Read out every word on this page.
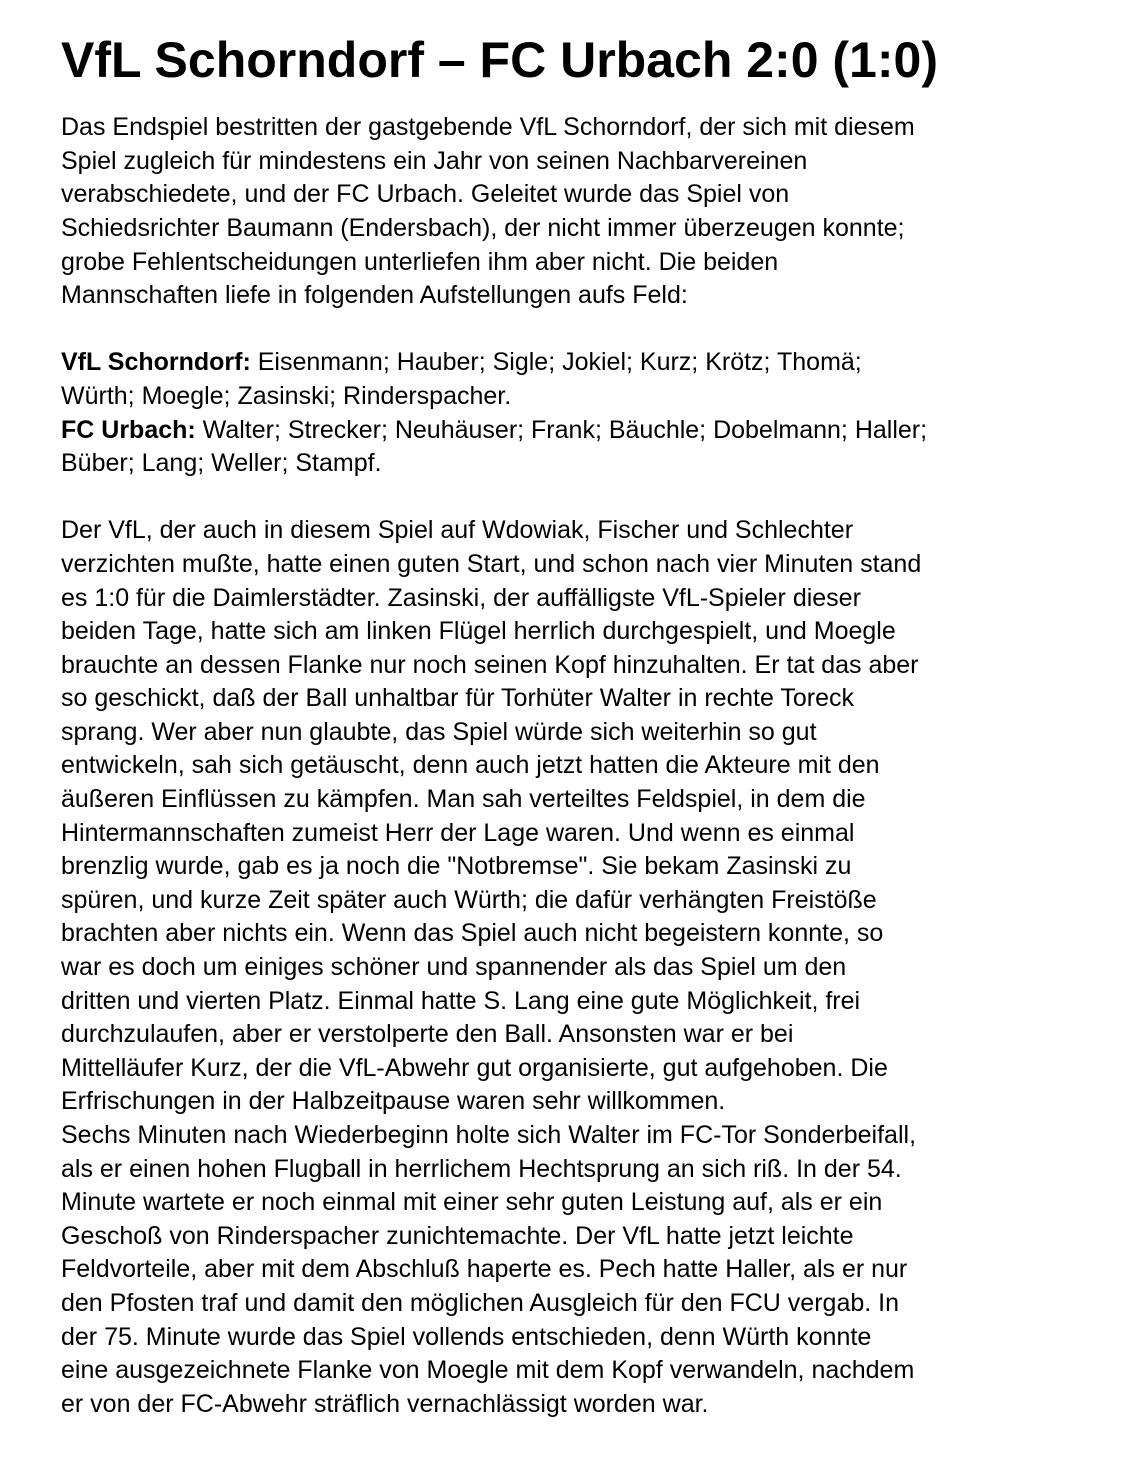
VfL Schorndorf – FC Urbach 2:0 (1:0)
Das Endspiel bestritten der gastgebende VfL Schorndorf, der sich mit diesem
Spiel zugleich für mindestens ein Jahr von seinen Nachbarvereinen
verabschiedete, und der FC Urbach. Geleitet wurde das Spiel von
Schiedsrichter Baumann (Endersbach), der nicht immer überzeugen konnte;
grobe Fehlentscheidungen unterliefen ihm aber nicht. Die beiden
Mannschaften liefe in folgenden Aufstellungen aufs Feld:
VfL Schorndorf: Eisenmann; Hauber; Sigle; Jokiel; Kurz; Krötz; Thomä;
Würth; Moegle; Zasinski; Rinderspacher.
FC Urbach: Walter; Strecker; Neuhäuser; Frank; Bäuchle; Dobelmann; Haller;
Büber; Lang; Weller; Stampf.
Der VfL, der auch in diesem Spiel auf Wdowiak, Fischer und Schlechter
verzichten mußte, hatte einen guten Start, und schon nach vier Minuten stand
es 1:0 für die Daimlerstädter. Zasinski, der auffälligste VfL-Spieler dieser
beiden Tage, hatte sich am linken Flügel herrlich durchgespielt, und Moegle
brauchte an dessen Flanke nur noch seinen Kopf hinzuhalten. Er tat das aber
so geschickt, daß der Ball unhaltbar für Torhüter Walter in rechte Toreck
sprang. Wer aber nun glaubte, das Spiel würde sich weiterhin so gut
entwickeln, sah sich getäuscht, denn auch jetzt hatten die Akteure mit den
äußeren Einflüssen zu kämpfen. Man sah verteiltes Feldspiel, in dem die
Hintermannschaften zumeist Herr der Lage waren. Und wenn es einmal
brenzlig wurde, gab es ja noch die "Notbremse". Sie bekam Zasinski zu
spüren, und kurze Zeit später auch Würth; die dafür verhängten Freistöße
brachten aber nichts ein. Wenn das Spiel auch nicht begeistern konnte, so
war es doch um einiges schöner und spannender als das Spiel um den
dritten und vierten Platz. Einmal hatte S. Lang eine gute Möglichkeit, frei
durchzulaufen, aber er verstolperte den Ball. Ansonsten war er bei
Mittelläufer Kurz, der die VfL-Abwehr gut organisierte, gut aufgehoben. Die
Erfrischungen in der Halbzeitpause waren sehr willkommen.
Sechs Minuten nach Wiederbeginn holte sich Walter im FC-Tor Sonderbeifall,
als er einen hohen Flugball in herrlichem Hechtsprung an sich riß. In der 54.
Minute wartete er noch einmal mit einer sehr guten Leistung auf, als er ein
Geschoß von Rinderspacher zunichtemachte. Der VfL hatte jetzt leichte
Feldvorteile, aber mit dem Abschluß haperte es. Pech hatte Haller, als er nur
den Pfosten traf und damit den möglichen Ausgleich für den FCU vergab. In
der 75. Minute wurde das Spiel vollends entschieden, denn Würth konnte
eine ausgezeichnete Flanke von Moegle mit dem Kopf verwandeln, nachdem
er von der FC-Abwehr sträflich vernachlässigt worden war.
